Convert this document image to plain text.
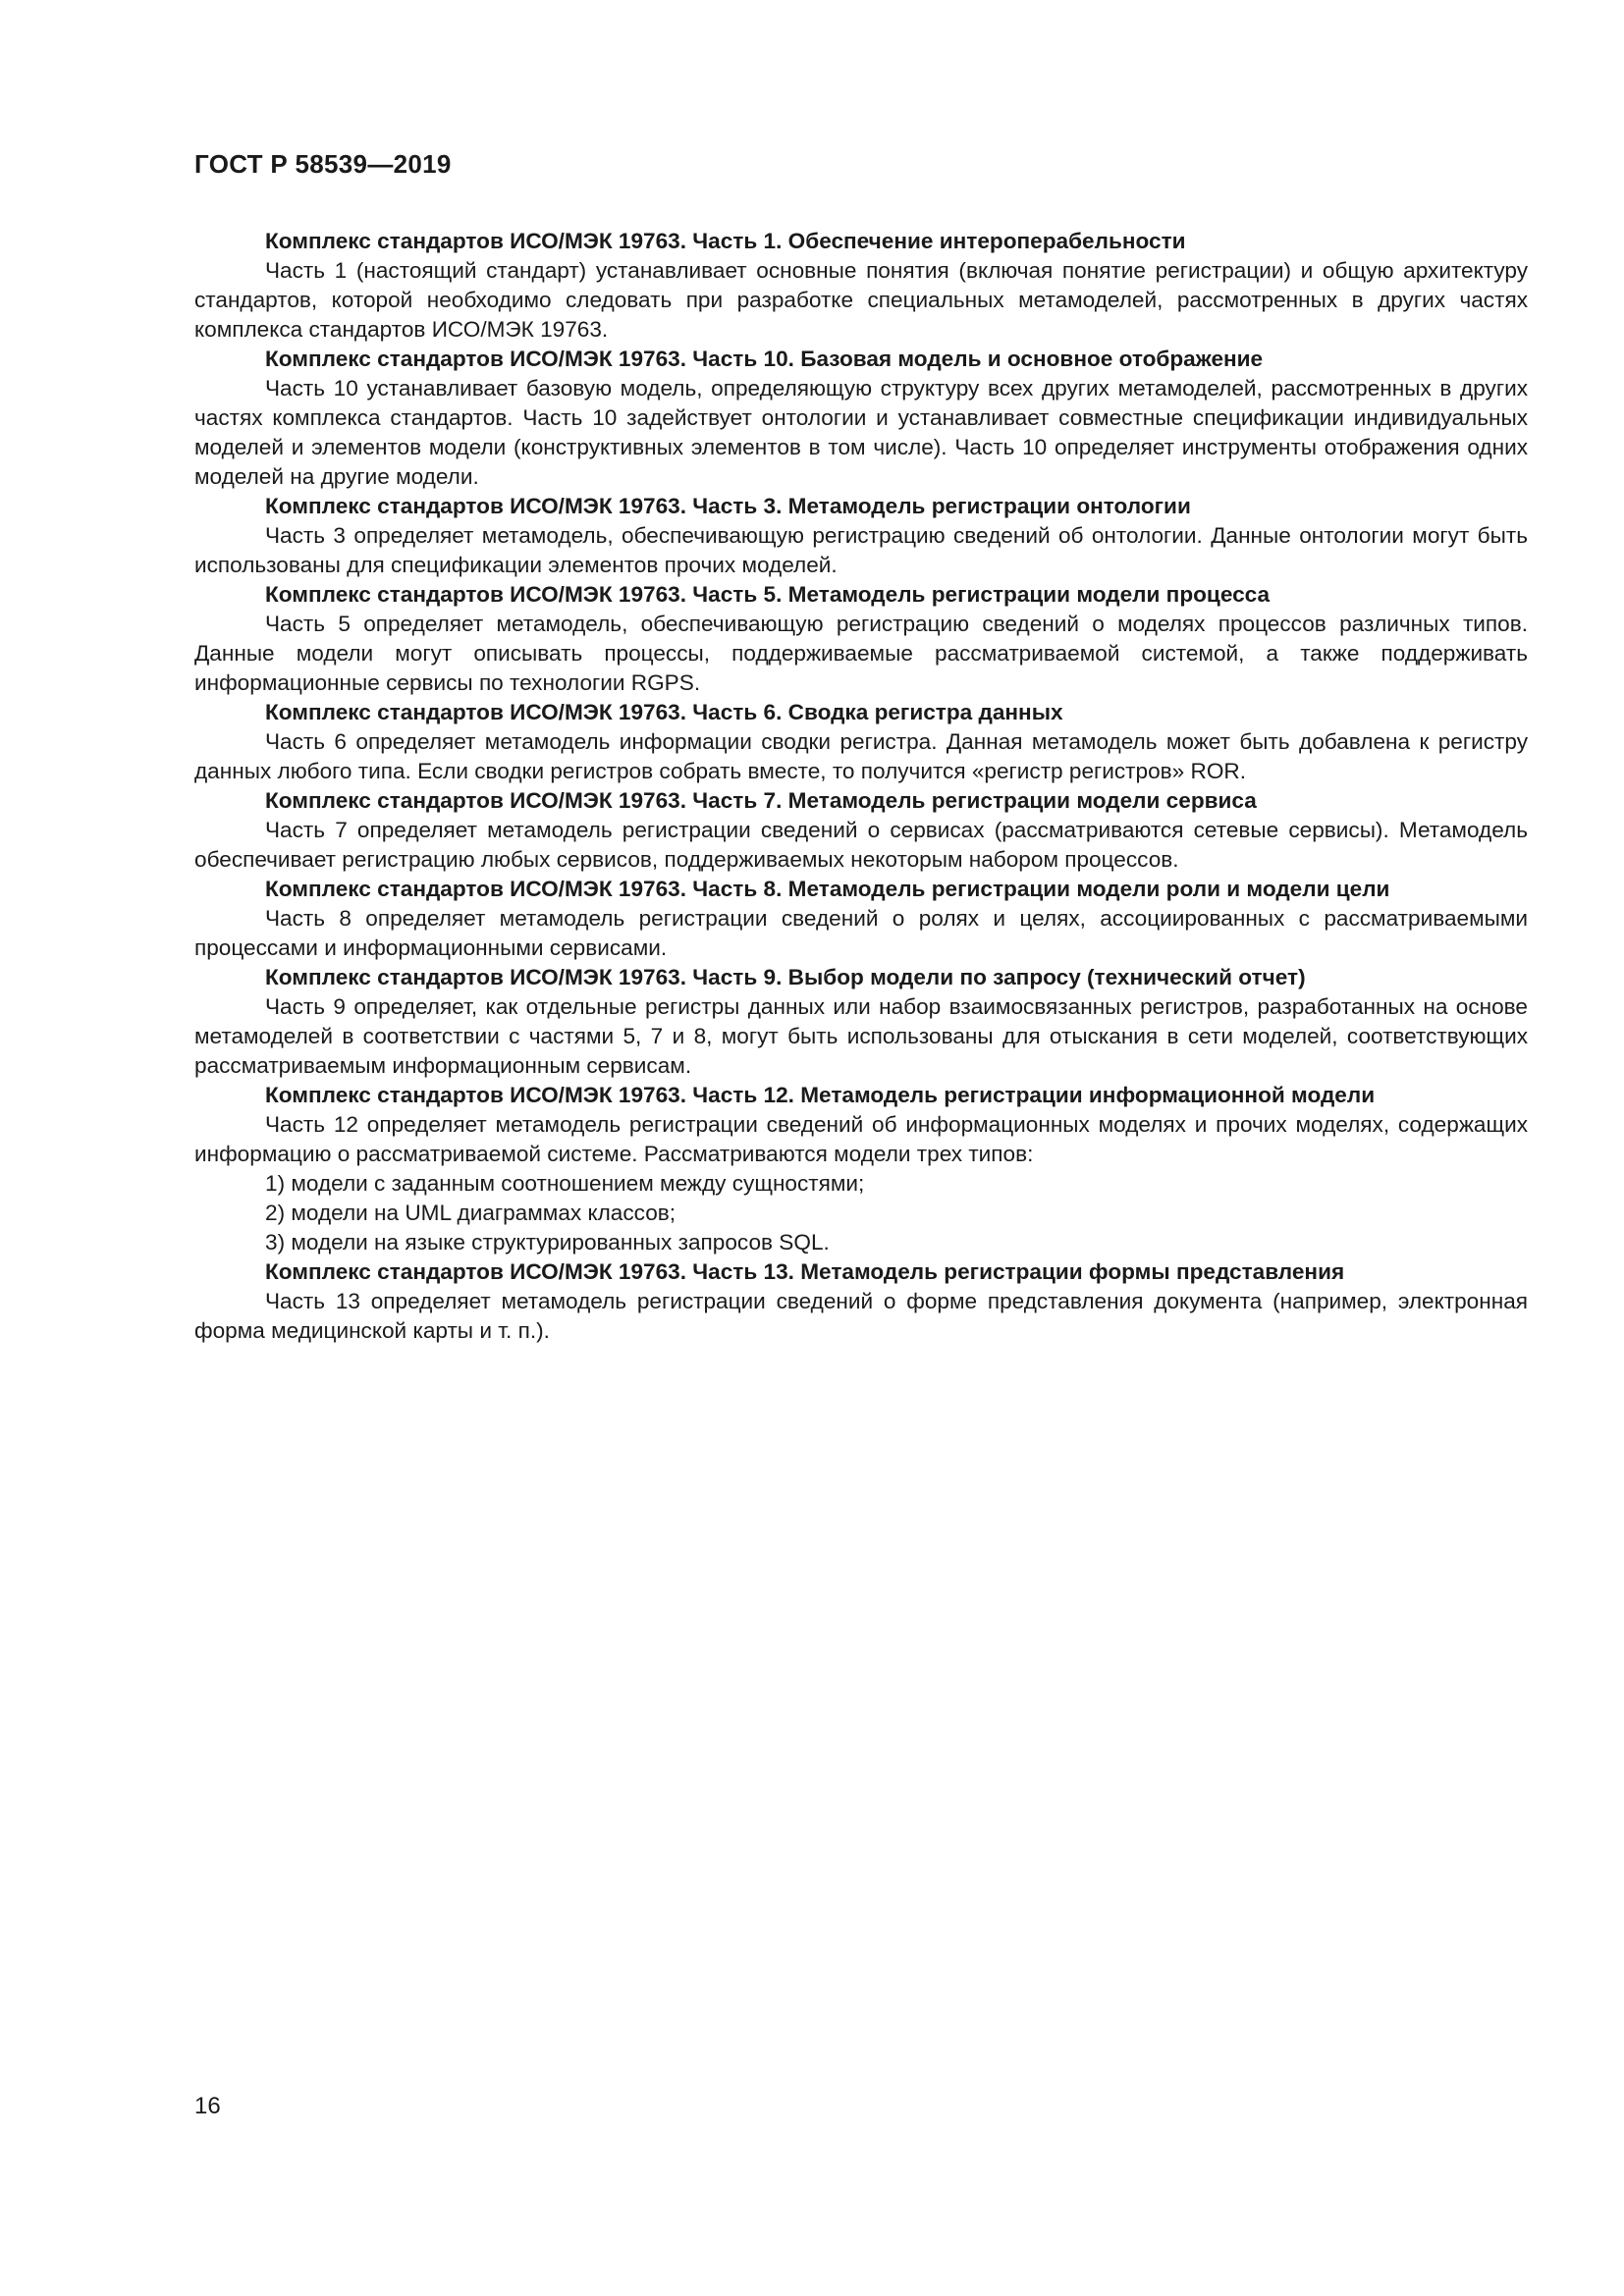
ГОСТ Р 58539—2019

Комплекс стандартов ИСО/МЭК 19763. Часть 1. Обеспечение интероперабельности

Часть 1 (настоящий стандарт) устанавливает основные понятия (включая понятие регистрации) и общую архитектуру стандартов, которой необходимо следовать при разработке специальных метамоделей, рассмотренных в других частях комплекса стандартов ИСО/МЭК 19763.

Комплекс стандартов ИСО/МЭК 19763. Часть 10. Базовая модель и основное отображение

Часть 10 устанавливает базовую модель, определяющую структуру всех других метамоделей, рассмотренных в других частях комплекса стандартов. Часть 10 задействует онтологии и устанавливает совместные спецификации индивидуальных моделей и элементов модели (конструктивных элементов в том числе). Часть 10 определяет инструменты отображения одних моделей на другие модели.

Комплекс стандартов ИСО/МЭК 19763. Часть 3. Метамодель регистрации онтологии

Часть 3 определяет метамодель, обеспечивающую регистрацию сведений об онтологии. Данные онтологии могут быть использованы для спецификации элементов прочих моделей.

Комплекс стандартов ИСО/МЭК 19763. Часть 5. Метамодель регистрации модели процесса

Часть 5 определяет метамодель, обеспечивающую регистрацию сведений о моделях процессов различных типов. Данные модели могут описывать процессы, поддерживаемые рассматриваемой системой, а также поддерживать информационные сервисы по технологии RGPS.

Комплекс стандартов ИСО/МЭК 19763. Часть 6. Сводка регистра данных

Часть 6 определяет метамодель информации сводки регистра. Данная метамодель может быть добавлена к регистру данных любого типа. Если сводки регистров собрать вместе, то получится «регистр регистров» ROR.

Комплекс стандартов ИСО/МЭК 19763. Часть 7. Метамодель регистрации модели сервиса

Часть 7 определяет метамодель регистрации сведений о сервисах (рассматриваются сетевые сервисы). Метамодель обеспечивает регистрацию любых сервисов, поддерживаемых некоторым набором процессов.

Комплекс стандартов ИСО/МЭК 19763. Часть 8. Метамодель регистрации модели роли и модели цели

Часть 8 определяет метамодель регистрации сведений о ролях и целях, ассоциированных с рассматриваемыми процессами и информационными сервисами.

Комплекс стандартов ИСО/МЭК 19763. Часть 9. Выбор модели по запросу (технический отчет)

Часть 9 определяет, как отдельные регистры данных или набор взаимосвязанных регистров, разработанных на основе метамоделей в соответствии с частями 5, 7 и 8, могут быть использованы для отыскания в сети моделей, соответствующих рассматриваемым информационным сервисам.

Комплекс стандартов ИСО/МЭК 19763. Часть 12. Метамодель регистрации информационной модели

Часть 12 определяет метамодель регистрации сведений об информационных моделях и прочих моделях, содержащих информацию о рассматриваемой системе. Рассматриваются модели трех типов:

1) модели с заданным соотношением между сущностями;

2) модели на UML диаграммах классов;

3) модели на языке структурированных запросов SQL.

Комплекс стандартов ИСО/МЭК 19763. Часть 13. Метамодель регистрации формы представления

Часть 13 определяет метамодель регистрации сведений о форме представления документа (например, электронная форма медицинской карты и т. п.).

16
